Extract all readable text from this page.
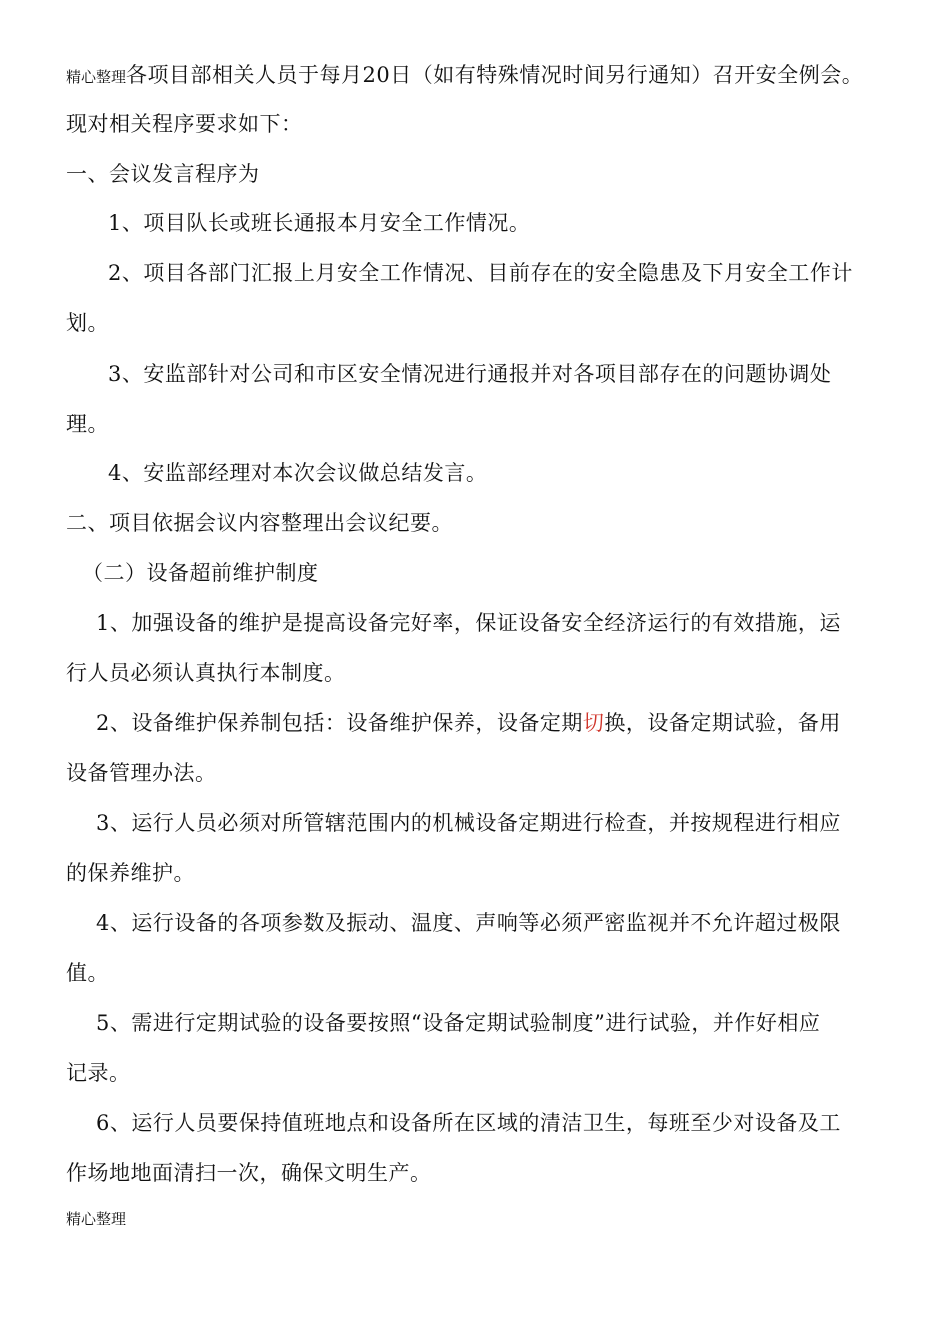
精心整理各项目部相关人员于每月20日（如有特殊情况时间另行通知）召开安全例会。
现对相关程序要求如下：
一、会议发言程序为
1、项目队长或班长通报本月安全工作情况。
2、项目各部门汇报上月安全工作情况、目前存在的安全隐患及下月安全工作计
划。
3、安监部针对公司和市区安全情况进行通报并对各项目部存在的问题协调处
理。
4、安监部经理对本次会议做总结发言。
二、项目依据会议内容整理出会议纪要。
（二）设备超前维护制度
1、加强设备的维护是提高设备完好率，保证设备安全经济运行的有效措施，运
行人员必须认真执行本制度。
2、设备维护保养制包括：设备维护保养，设备定期切换，设备定期试验，备用
设备管理办法。
3、运行人员必须对所管辖范围内的机械设备定期进行检查，并按规程进行相应
的保养维护。
4、运行设备的各项参数及振动、温度、声响等必须严密监视并不允许超过极限
值。
5、需进行定期试验的设备要按照“设备定期试验制度”进行试验，并作好相应
记录。
6、运行人员要保持值班地点和设备所在区域的清洁卫生，每班至少对设备及工
作场地地面清扫一次，确保文明生产。
精心整理
